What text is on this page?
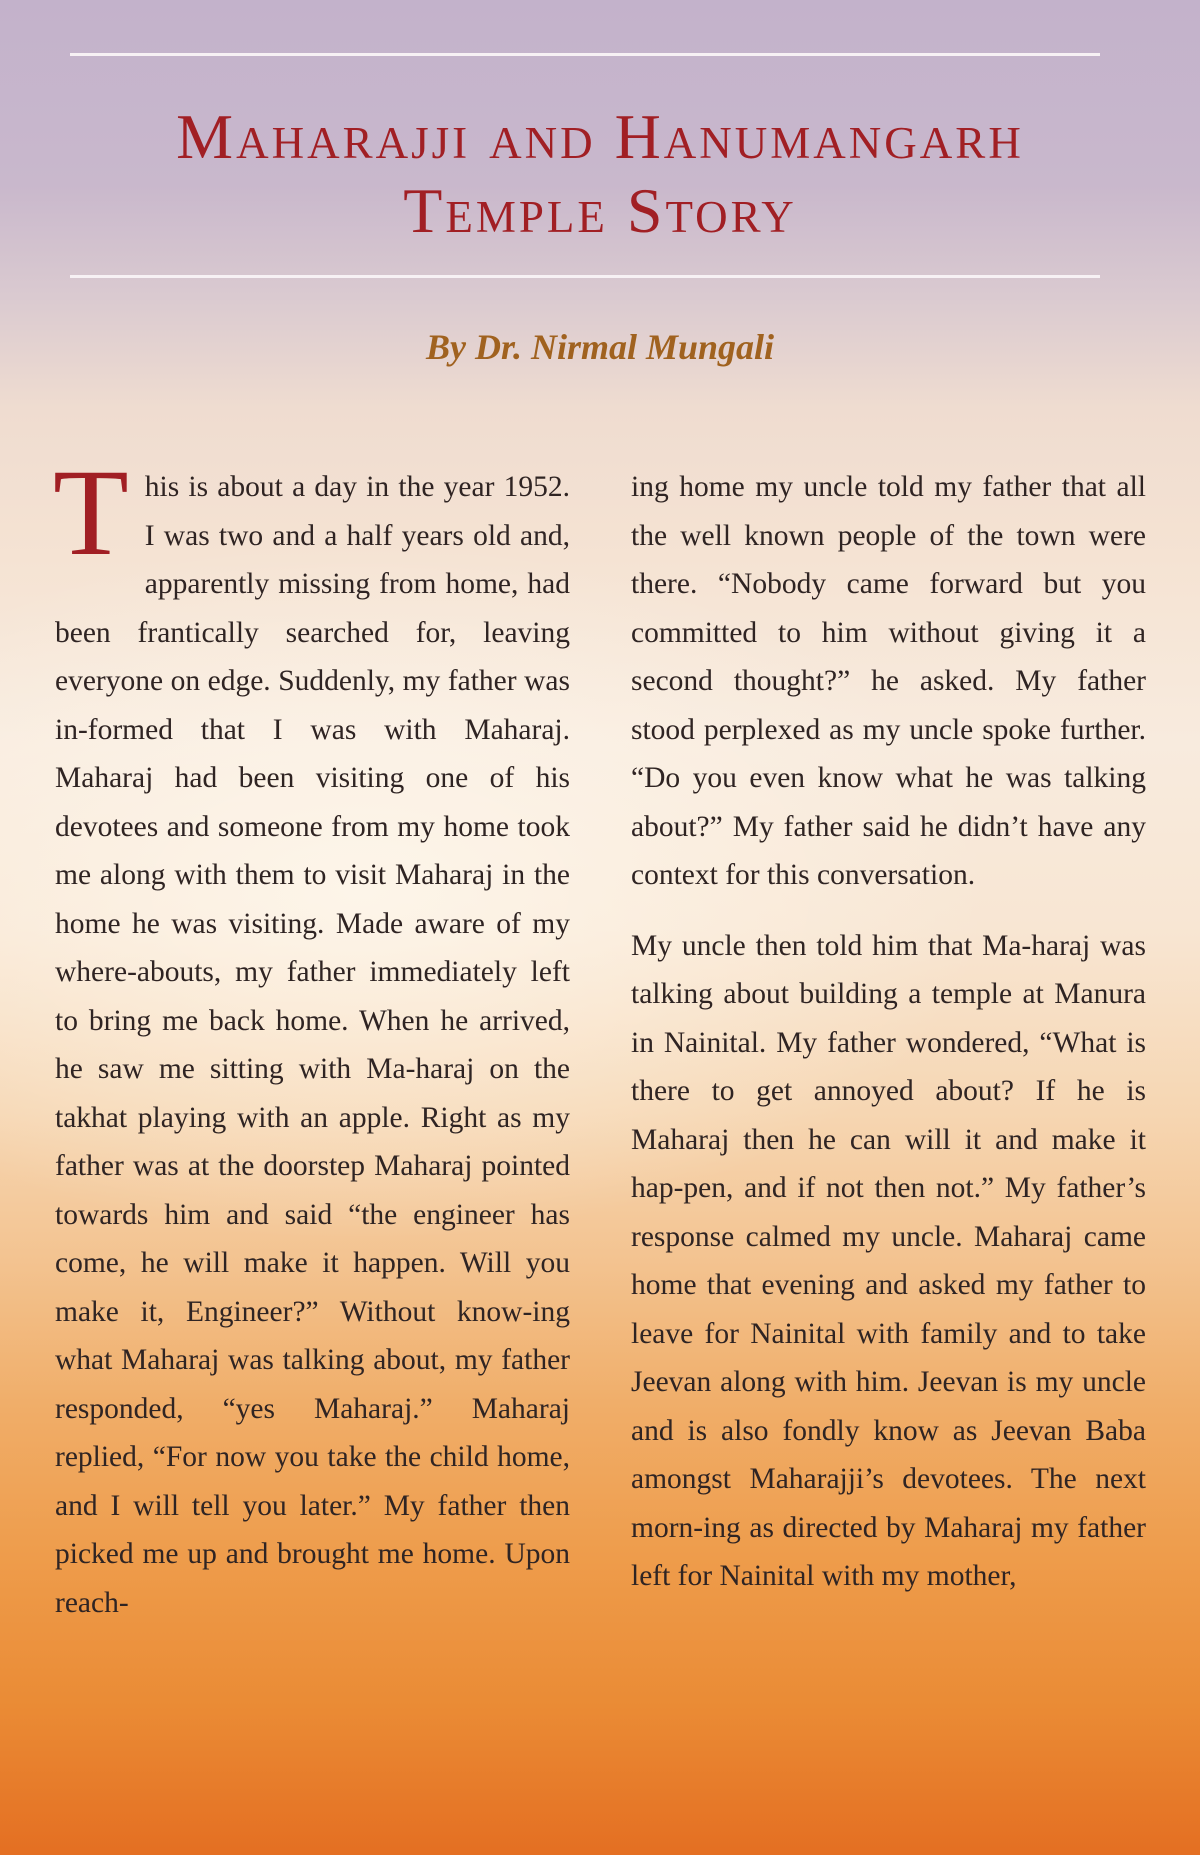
Maharajji and Hanumangarh
Temple Story
By Dr. Nirmal Mungali

This is about a day in the year 1952. I was two and a half years old and, apparently missing from home, had been frantically searched for, leaving everyone on edge. Suddenly, my father was in-formed that I was with Maharaj. Maharaj had been visiting one of his devotees and someone from my home took me along with them to visit Maharaj in the home he was visiting. Made aware of my where-abouts, my father immediately left to bring me back home. When he arrived, he saw me sitting with Ma-haraj on the takhat playing with an apple. Right as my father was at the doorstep Maharaj pointed towards him and said “the engineer has come, he will make it happen. Will you make it, Engineer?” Without know-ing what Maharaj was talking about, my father responded, “yes Maharaj.” Maharaj replied, “For now you take the child home, and I will tell you later.” My father then picked me up and brought me home. Upon reach-

ing home my uncle told my father that all the well known people of the town were there. “Nobody came forward but you committed to him without giving it a second thought?” he asked. My father stood perplexed as my uncle spoke further. “Do you even know what he was talking about?” My father said he didn’t have any context for this conversation.

My uncle then told him that Ma-haraj was talking about building a temple at Manura in Nainital. My father wondered, “What is there to get annoyed about? If he is Maharaj then he can will it and make it hap-pen, and if not then not.” My father’s response calmed my uncle. Maharaj came home that evening and asked my father to leave for Nainital with family and to take Jeevan along with him. Jeevan is my uncle and is also fondly know as Jeevan Baba amongst Maharajji’s devotees. The next morn-ing as directed by Maharaj my father left for Nainital with my mother,
